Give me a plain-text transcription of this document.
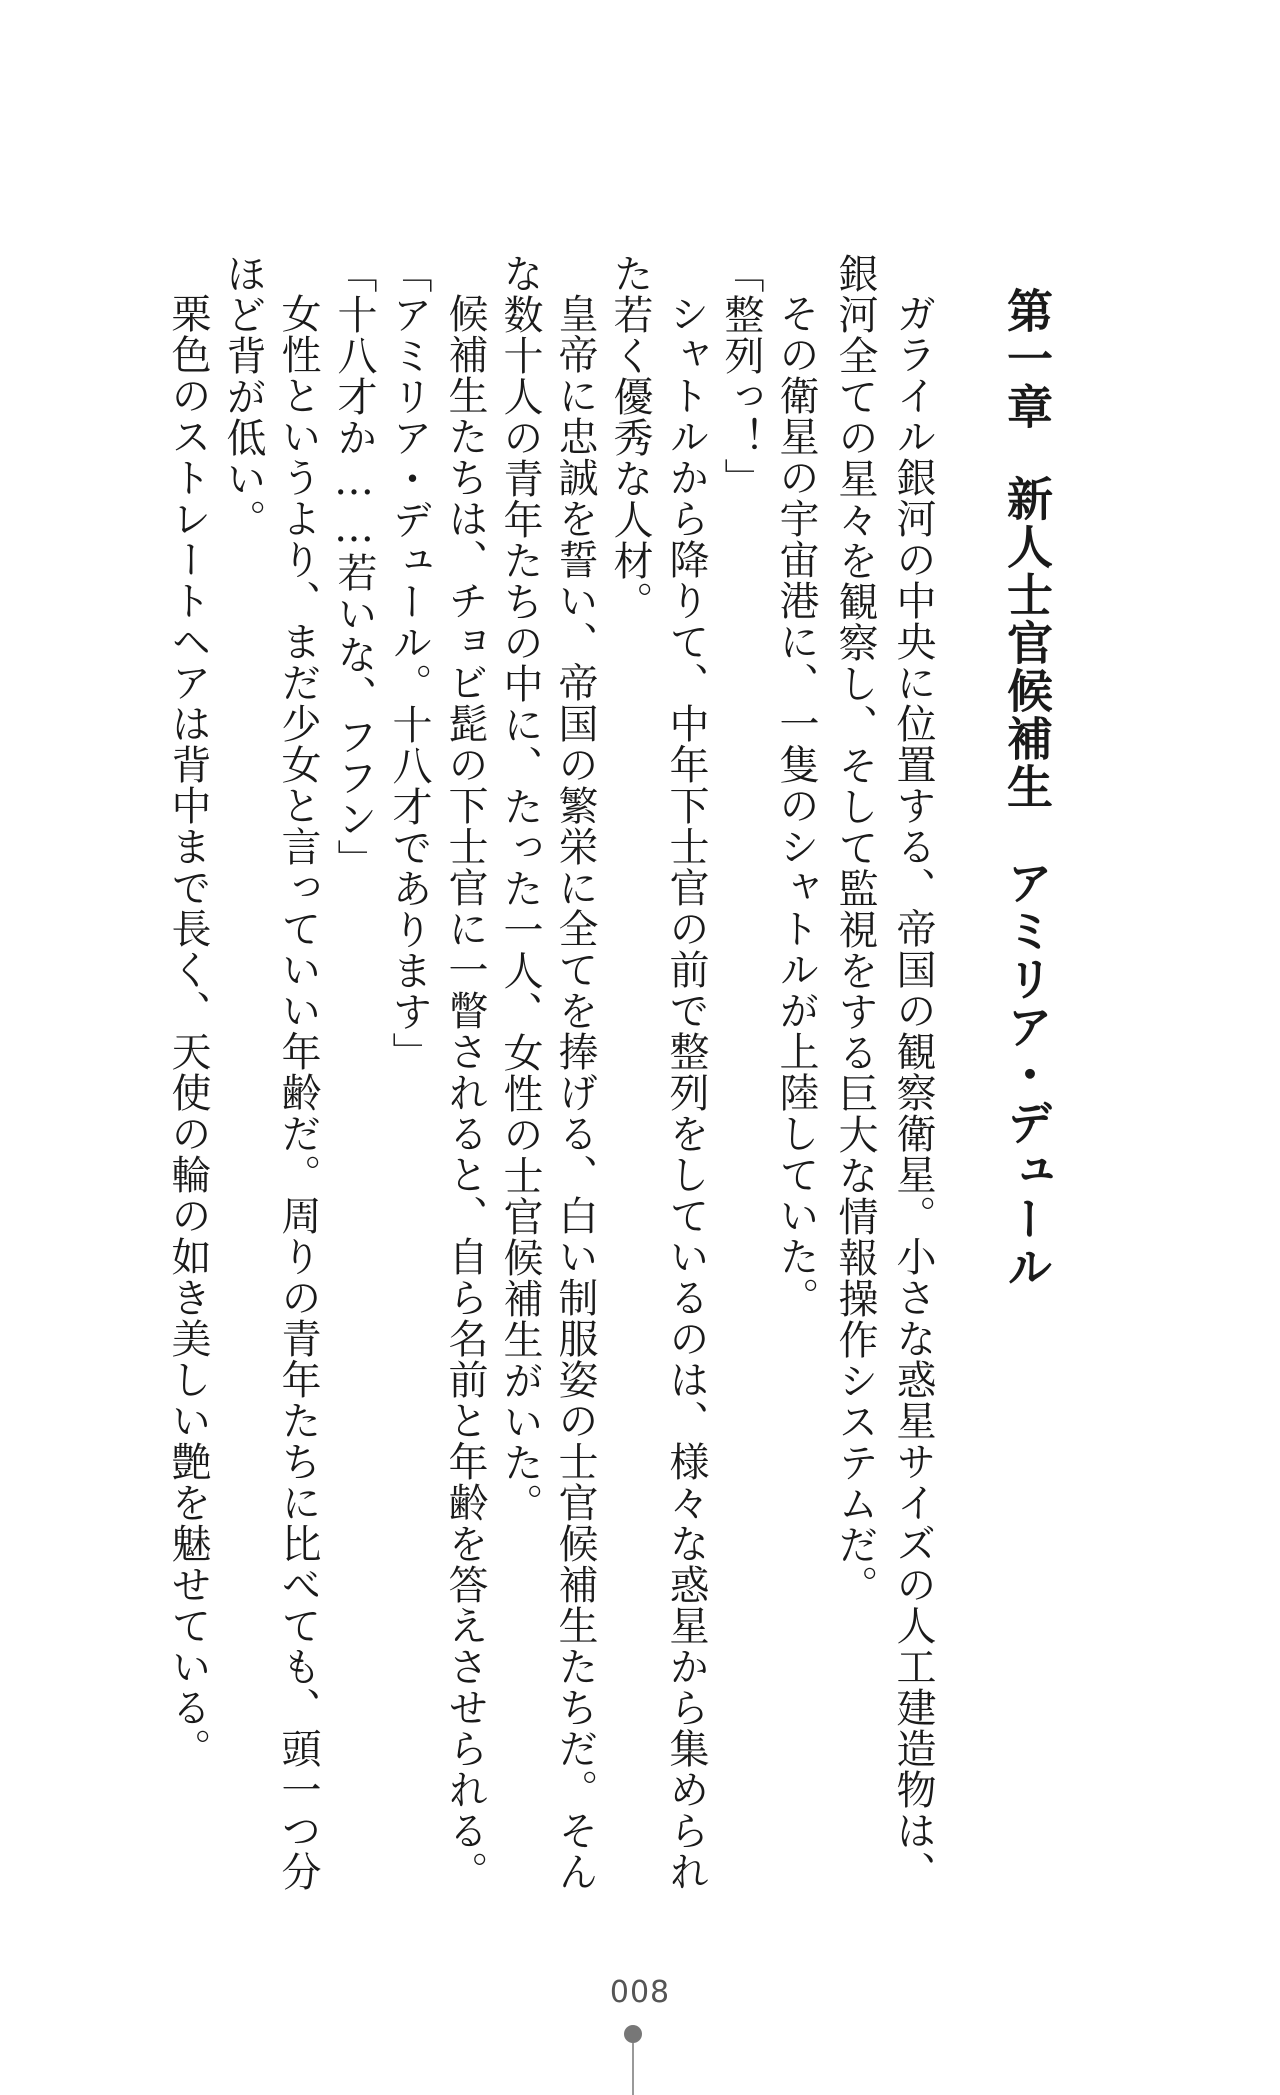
第一章新人士官候補生アミリア・デュール
ガライル銀河の中央に位置する、帝国の観察衛星。小さな惑星サイズの人工建造物は、
銀河全ての星々を観察し、そして監視をする巨大な情報操作システムだ。
その衛星の宇宙港に、一隻のシャトルが上陸していた。
「整列っ！」
シャトルから降りて、中年下士官の前で整列をしているのは、様々な惑星から集められ
た若く優秀な人材。
皇帝に忠誠を誓い、帝国の繁栄に全てを捧げる、白い制服姿の士官候補生たちだ。そん
な数十人の青年たちの中に、たった一人、女性の士官候補生がいた。
候補生たちは、チョビ髭の下士官に一瞥されると、自ら名前と年齢を答えさせられる。
「アミリア・デュール。十八才であります」
「十八才か……若いな、フフン」
女性というより、まだ少女と言っていい年齢だ。周りの青年たちに比べても、頭一つ分
ほど背が低い。
栗色のストレートヘアは背中まで長く、天使の輪の如き美しい艶を魅せている。
008
